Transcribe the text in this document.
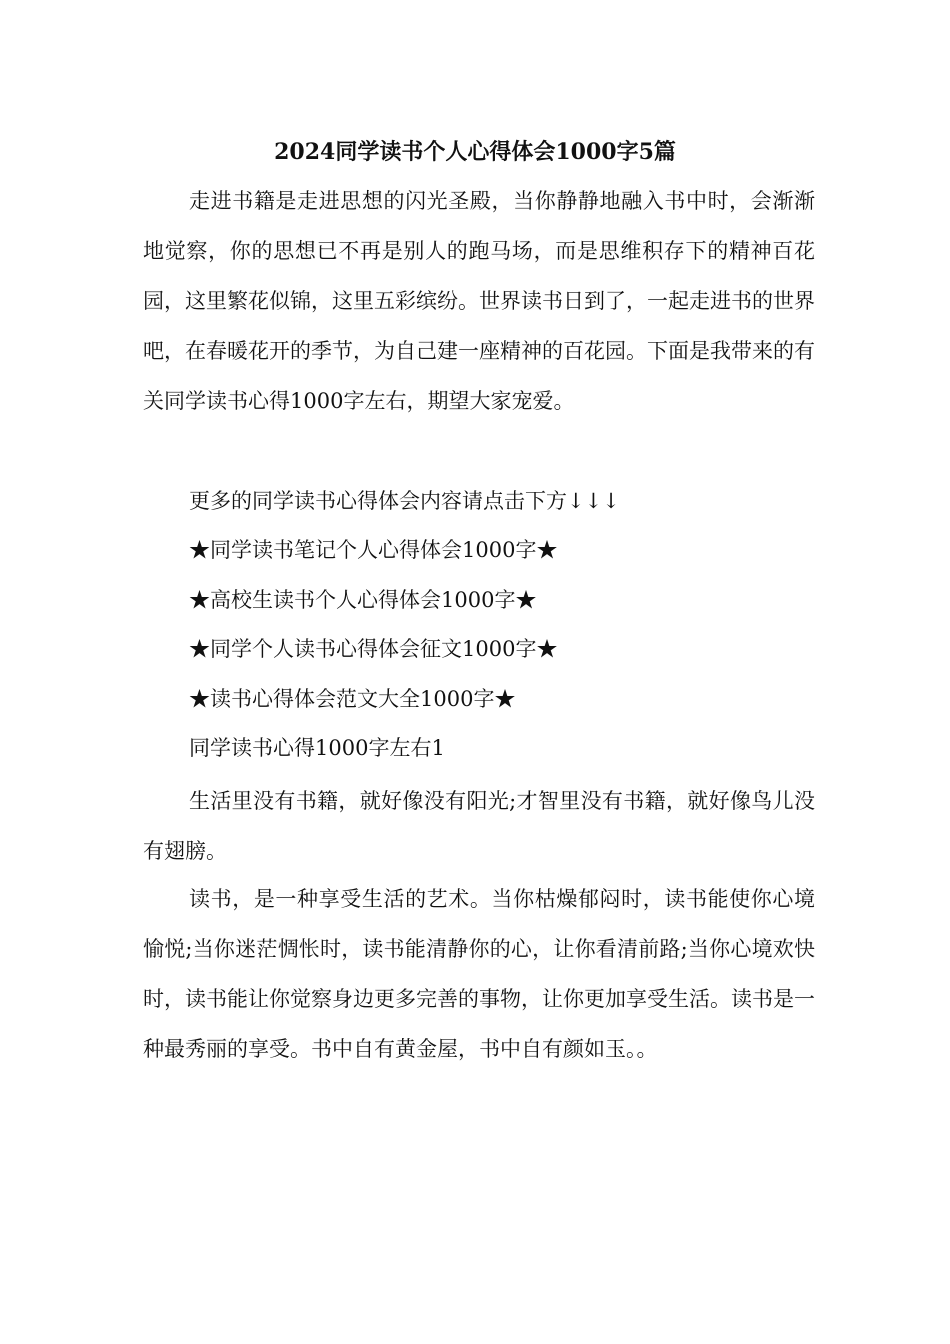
2024同学读书个人心得体会1000字5篇
走进书籍是走进思想的闪光圣殿，当你静静地融入书中时，会渐渐地觉察，你的思想已不再是别人的跑马场，而是思维积存下的精神百花园，这里繁花似锦，这里五彩缤纷。世界读书日到了，一起走进书的世界吧，在春暖花开的季节，为自己建一座精神的百花园。下面是我带来的有关同学读书心得1000字左右，期望大家宠爱。
更多的同学读书心得体会内容请点击下方↓↓↓
★同学读书笔记个人心得体会1000字★
★高校生读书个人心得体会1000字★
★同学个人读书心得体会征文1000字★
★读书心得体会范文大全1000字★
同学读书心得1000字左右1
生活里没有书籍，就好像没有阳光;才智里没有书籍，就好像鸟儿没有翅膀。
读书，是一种享受生活的艺术。当你枯燥郁闷时，读书能使你心境愉悦;当你迷茫惆怅时，读书能清静你的心，让你看清前路;当你心境欢快时，读书能让你觉察身边更多完善的事物，让你更加享受生活。读书是一种最秀丽的享受。书中自有黄金屋，书中自有颜如玉。。
